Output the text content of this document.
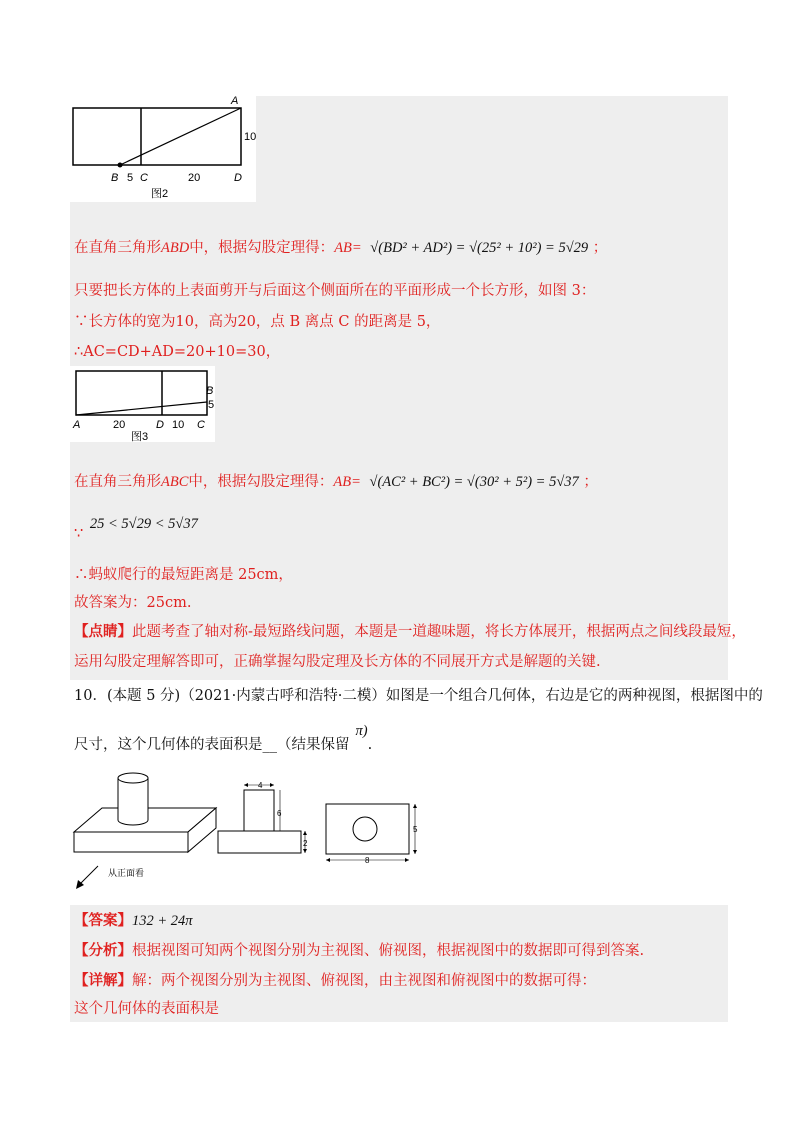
A
10
B 5 C	20	D
图2
在直角三角形ABD中，根据勾股定理得：AB= √(BD² + AD²) = √(25² + 10²) = 5√29 ；
只要把长方体的上表面剪开与后面这个侧面所在的平面形成一个长方形，如图 3：
∵长方体的宽为10，高为20，点 B 离点 C 的距离是 5，
∴AC=CD+AD=20+10=30，
B
5
A	20	D 10 C
图3
在直角三角形ABC中，根据勾股定理得：AB= √(AC² + BC²) = √(30² + 5²) = 5√37 ；
∵ 25 < 5√29 < 5√37
∴蚂蚁爬行的最短距离是 25cm，
故答案为：25cm.
【点睛】此题考查了轴对称-最短路线问题，本题是一道趣味题，将长方体展开，根据两点之间线段最短，
运用勾股定理解答即可，正确掌握勾股定理及长方体的不同展开方式是解题的关键.
10．(本题 5 分)（2021·内蒙古呼和浩特·二模）如图是一个组合几何体，右边是它的两种视图，根据图中的
尺寸，这个几何体的表面积是__（结果保留π).
从正面看
4
6
2
5
8
【答案】132 + 24π
【分析】根据视图可知两个视图分别为主视图、俯视图，根据视图中的数据即可得到答案.
【详解】解：两个视图分别为主视图、俯视图，由主视图和俯视图中的数据可得：
这个几何体的表面积是
